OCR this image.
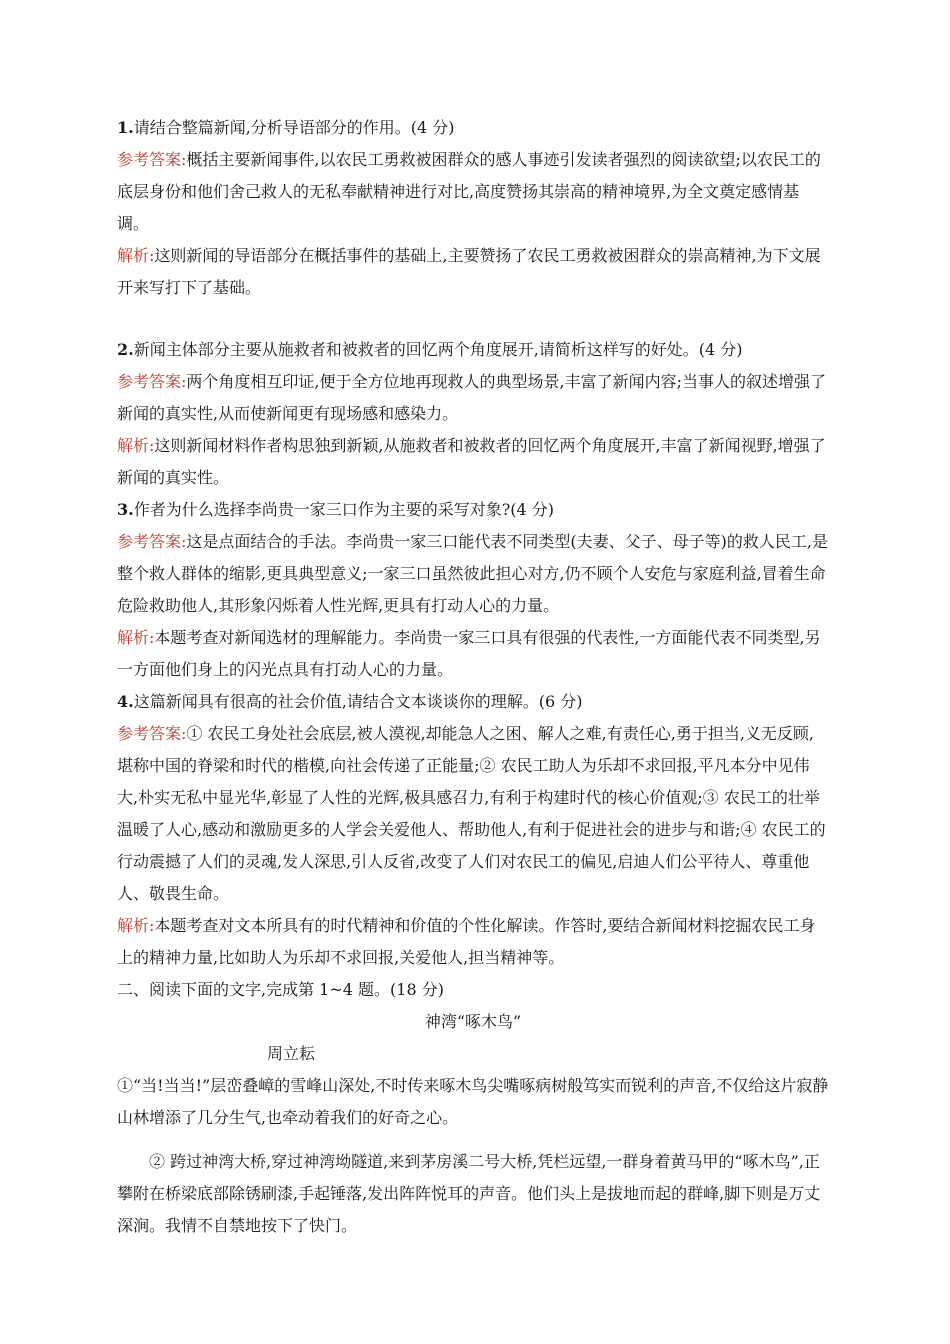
1.请结合整篇新闻,分析导语部分的作用。(4 分)

参考答案:概括主要新闻事件,以农民工勇救被困群众的感人事迹引发读者强烈的阅读欲望;以农民工的底层身份和他们舍己救人的无私奉献精神进行对比,高度赞扬其崇高的精神境界,为全文奠定感情基调。

解析:这则新闻的导语部分在概括事件的基础上,主要赞扬了农民工勇救被困群众的崇高精神,为下文展开来写打下了基础。

2.新闻主体部分主要从施救者和被救者的回忆两个角度展开,请简析这样写的好处。(4 分)

参考答案:两个角度相互印证,便于全方位地再现救人的典型场景,丰富了新闻内容;当事人的叙述增强了新闻的真实性,从而使新闻更有现场感和感染力。

解析:这则新闻材料作者构思独到新颖,从施救者和被救者的回忆两个角度展开,丰富了新闻视野,增强了新闻的真实性。

3.作者为什么选择李尚贵一家三口作为主要的采写对象?(4 分)

参考答案:这是点面结合的手法。李尚贵一家三口能代表不同类型(夫妻、父子、母子等)的救人民工,是整个救人群体的缩影,更具典型意义;一家三口虽然彼此担心对方,仍不顾个人安危与家庭利益,冒着生命危险救助他人,其形象闪烁着人性光辉,更具有打动人心的力量。

解析:本题考查对新闻选材的理解能力。李尚贵一家三口具有很强的代表性,一方面能代表不同类型,另一方面他们身上的闪光点具有打动人心的力量。

4.这篇新闻具有很高的社会价值,请结合文本谈谈你的理解。(6 分)

参考答案:① 农民工身处社会底层,被人漠视,却能急人之困、解人之难,有责任心,勇于担当,义无反顾,堪称中国的脊梁和时代的楷模,向社会传递了正能量;② 农民工助人为乐却不求回报,平凡本分中见伟大,朴实无私中显光华,彰显了人性的光辉,极具感召力,有利于构建时代的核心价值观;③ 农民工的壮举温暖了人心,感动和激励更多的人学会关爱他人、帮助他人,有利于促进社会的进步与和谐;④ 农民工的行动震撼了人们的灵魂,发人深思,引人反省,改变了人们对农民工的偏见,启迪人们公平待人、尊重他人、敬畏生命。

解析:本题考查对文本所具有的时代精神和价值的个性化解读。作答时,要结合新闻材料挖掘农民工身上的精神力量,比如助人为乐却不求回报,关爱他人,担当精神等。

二、阅读下面的文字,完成第 1~4 题。(18 分)

神湾“啄木鸟”

周立耘

①“当!当当!”层峦叠嶂的雪峰山深处,不时传来啄木鸟尖嘴啄病树般笃实而锐利的声音,不仅给这片寂静山林增添了几分生气,也牵动着我们的好奇之心。

② 跨过神湾大桥,穿过神湾坳隧道,来到茅房溪二号大桥,凭栏远望,一群身着黄马甲的“啄木鸟”,正攀附在桥梁底部除锈刷漆,手起锤落,发出阵阵悦耳的声音。他们头上是拔地而起的群峰,脚下则是万丈深涧。我情不自禁地按下了快门。
